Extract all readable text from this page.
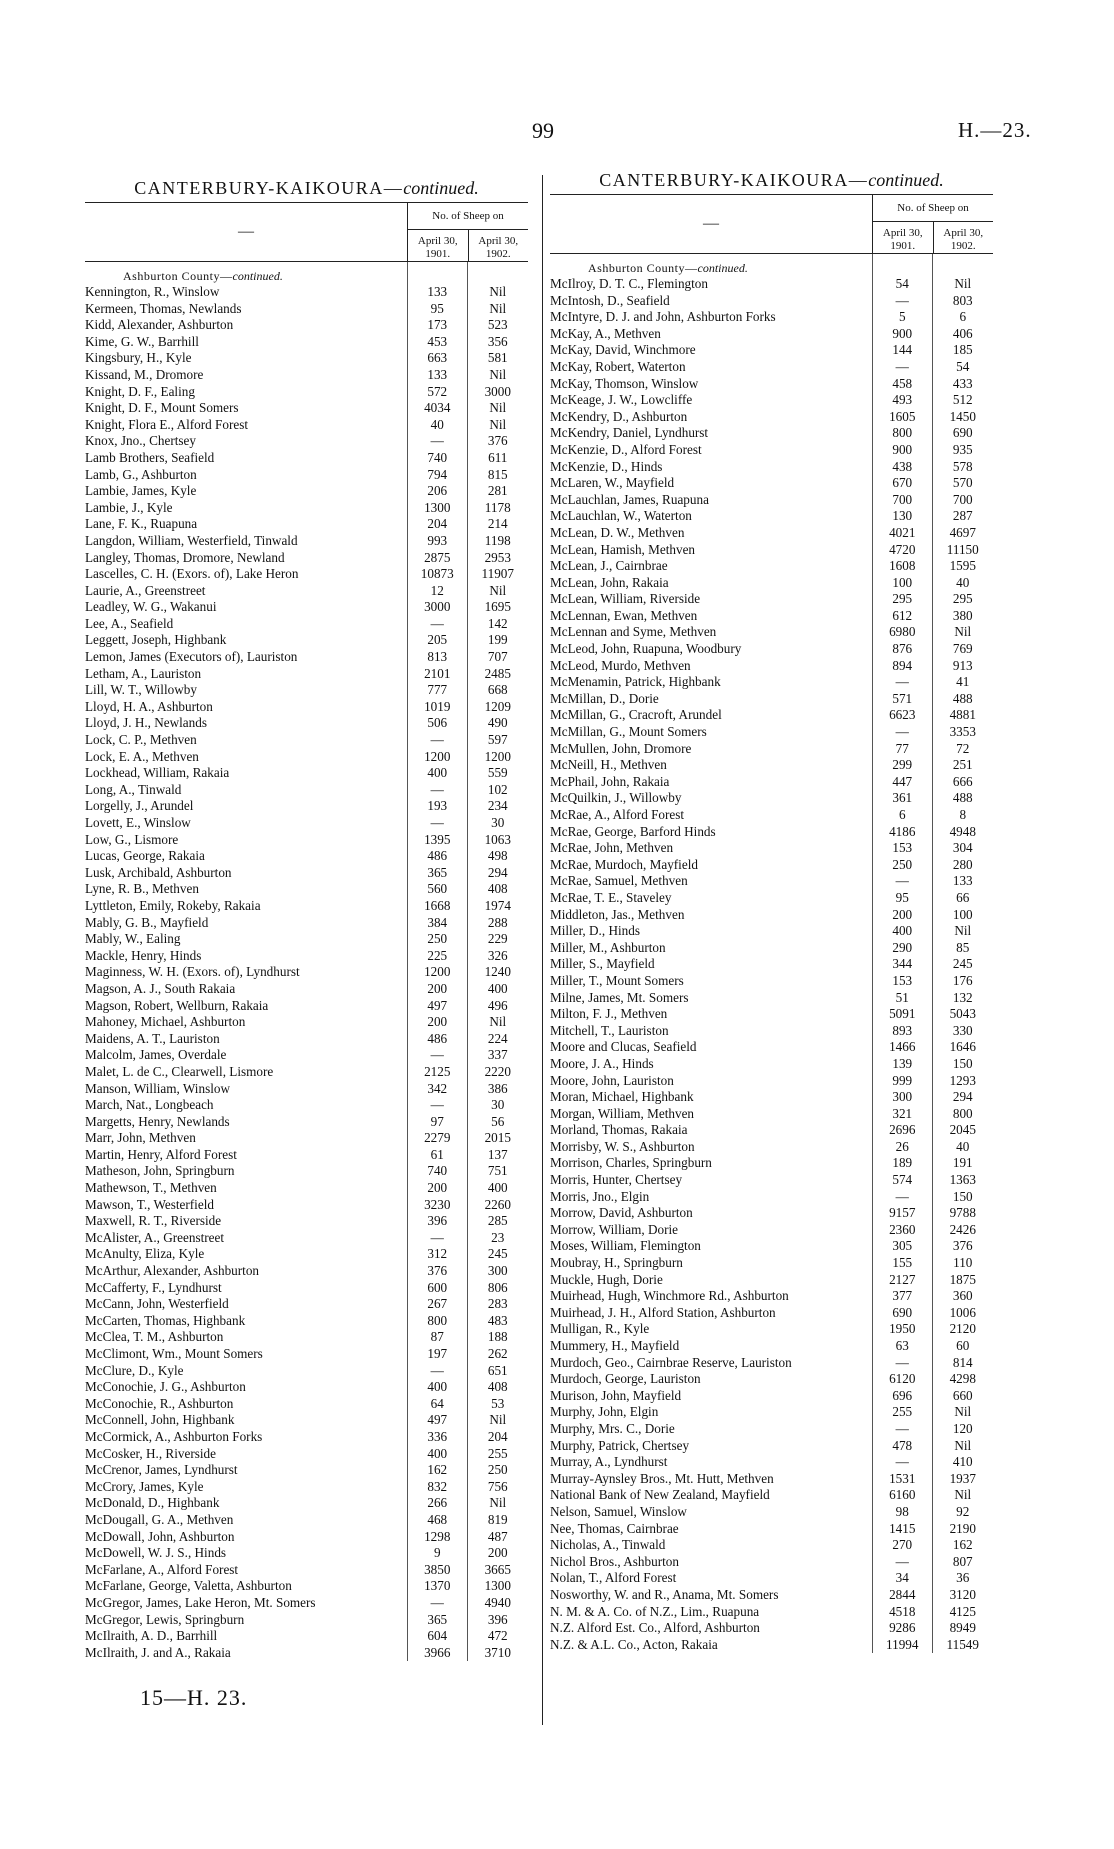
99	H.—23.
CANTERBURY-KAIKOURA—continued.
—
No. of Sheep on
April 30,
1901.
April 30,
1902.
Ashburton County—continued.
Kennington, R., Winslow	133	Nil
Kermeen, Thomas, Newlands	95	Nil
Kidd, Alexander, Ashburton	173	523
Kime, G. W., Barrhill	453	356
Kingsbury, H., Kyle	663	581
Kissand, M., Dromore	133	Nil
Knight, D. F., Ealing	572	3000
Knight, D. F., Mount Somers	4034	Nil
Knight, Flora E., Alford Forest	40	Nil
Knox, Jno., Chertsey	—	376
Lamb Brothers, Seafield	740	611
Lamb, G., Ashburton	794	815
Lambie, James, Kyle	206	281
Lambie, J., Kyle	1300	1178
Lane, F. K., Ruapuna	204	214
Langdon, William, Westerfield, Tinwald	993	1198
Langley, Thomas, Dromore, Newland	2875	2953
Lascelles, C. H. (Exors. of), Lake Heron	10873	11907
Laurie, A., Greenstreet	12	Nil
Leadley, W. G., Wakanui	3000	1695
Lee, A., Seafield	—	142
Leggett, Joseph, Highbank	205	199
Lemon, James (Executors of), Lauriston	813	707
Letham, A., Lauriston	2101	2485
Lill, W. T., Willowby	777	668
Lloyd, H. A., Ashburton	1019	1209
Lloyd, J. H., Newlands	506	490
Lock, C. P., Methven	—	597
Lock, E. A., Methven	1200	1200
Lockhead, William, Rakaia	400	559
Long, A., Tinwald	—	102
Lorgelly, J., Arundel	193	234
Lovett, E., Winslow	—	30
Low, G., Lismore	1395	1063
Lucas, George, Rakaia	486	498
Lusk, Archibald, Ashburton	365	294
Lyne, R. B., Methven	560	408
Lyttleton, Emily, Rokeby, Rakaia	1668	1974
Mably, G. B., Mayfield	384	288
Mably, W., Ealing	250	229
Mackle, Henry, Hinds	225	326
Maginness, W. H. (Exors. of), Lyndhurst	1200	1240
Magson, A. J., South Rakaia	200	400
Magson, Robert, Wellburn, Rakaia	497	496
Mahoney, Michael, Ashburton	200	Nil
Maidens, A. T., Lauriston	486	224
Malcolm, James, Overdale	—	337
Malet, L. de C., Clearwell, Lismore	2125	2220
Manson, William, Winslow	342	386
March, Nat., Longbeach	—	30
Margetts, Henry, Newlands	97	56
Marr, John, Methven	2279	2015
Martin, Henry, Alford Forest	61	137
Matheson, John, Springburn	740	751
Mathewson, T., Methven	200	400
Mawson, T., Westerfield	3230	2260
Maxwell, R. T., Riverside	396	285
McAlister, A., Greenstreet	—	23
McAnulty, Eliza, Kyle	312	245
McArthur, Alexander, Ashburton	376	300
McCafferty, F., Lyndhurst	600	806
McCann, John, Westerfield	267	283
McCarten, Thomas, Highbank	800	483
McClea, T. M., Ashburton	87	188
McClimont, Wm., Mount Somers	197	262
McClure, D., Kyle	—	651
McConochie, J. G., Ashburton	400	408
McConochie, R., Ashburton	64	53
McConnell, John, Highbank	497	Nil
McCormick, A., Ashburton Forks	336	204
McCosker, H., Riverside	400	255
McCrenor, James, Lyndhurst	162	250
McCrory, James, Kyle	832	756
McDonald, D., Highbank	266	Nil
McDougall, G. A., Methven	468	819
McDowall, John, Ashburton	1298	487
McDowell, W. J. S., Hinds	9	200
McFarlane, A., Alford Forest	3850	3665
McFarlane, George, Valetta, Ashburton	1370	1300
McGregor, James, Lake Heron, Mt. Somers	—	4940
McGregor, Lewis, Springburn	365	396
McIlraith, A. D., Barrhill	604	472
McIlraith, J. and A., Rakaia	3966	3710
CANTERBURY-KAIKOURA—continued.
—
No. of Sheep on
April 30,
1901.
April 30,
1902.
Ashburton County—continued.
McIlroy, D. T. C., Flemington	54	Nil
McIntosh, D., Seafield	—	803
McIntyre, D. J. and John, Ashburton Forks	5	6
McKay, A., Methven	900	406
McKay, David, Winchmore	144	185
McKay, Robert, Waterton	—	54
McKay, Thomson, Winslow	458	433
McKeage, J. W., Lowcliffe	493	512
McKendry, D., Ashburton	1605	1450
McKendry, Daniel, Lyndhurst	800	690
McKenzie, D., Alford Forest	900	935
McKenzie, D., Hinds	438	578
McLaren, W., Mayfield	670	570
McLauchlan, James, Ruapuna	700	700
McLauchlan, W., Waterton	130	287
McLean, D. W., Methven	4021	4697
McLean, Hamish, Methven	4720	11150
McLean, J., Cairnbrae	1608	1595
McLean, John, Rakaia	100	40
McLean, William, Riverside	295	295
McLennan, Ewan, Methven	612	380
McLennan and Syme, Methven	6980	Nil
McLeod, John, Ruapuna, Woodbury	876	769
McLeod, Murdo, Methven	894	913
McMenamin, Patrick, Highbank	—	41
McMillan, D., Dorie	571	488
McMillan, G., Cracroft, Arundel	6623	4881
McMillan, G., Mount Somers	—	3353
McMullen, John, Dromore	77	72
McNeill, H., Methven	299	251
McPhail, John, Rakaia	447	666
McQuilkin, J., Willowby	361	488
McRae, A., Alford Forest	6	8
McRae, George, Barford Hinds	4186	4948
McRae, John, Methven	153	304
McRae, Murdoch, Mayfield	250	280
McRae, Samuel, Methven	—	133
McRae, T. E., Staveley	95	66
Middleton, Jas., Methven	200	100
Miller, D., Hinds	400	Nil
Miller, M., Ashburton	290	85
Miller, S., Mayfield	344	245
Miller, T., Mount Somers	153	176
Milne, James, Mt. Somers	51	132
Milton, F. J., Methven	5091	5043
Mitchell, T., Lauriston	893	330
Moore and Clucas, Seafield	1466	1646
Moore, J. A., Hinds	139	150
Moore, John, Lauriston	999	1293
Moran, Michael, Highbank	300	294
Morgan, William, Methven	321	800
Morland, Thomas, Rakaia	2696	2045
Morrisby, W. S., Ashburton	26	40
Morrison, Charles, Springburn	189	191
Morris, Hunter, Chertsey	574	1363
Morris, Jno., Elgin	—	150
Morrow, David, Ashburton	9157	9788
Morrow, William, Dorie	2360	2426
Moses, William, Flemington	305	376
Moubray, H., Springburn	155	110
Muckle, Hugh, Dorie	2127	1875
Muirhead, Hugh, Winchmore Rd., Ashburton	377	360
Muirhead, J. H., Alford Station, Ashburton	690	1006
Mulligan, R., Kyle	1950	2120
Mummery, H., Mayfield	63	60
Murdoch, Geo., Cairnbrae Reserve, Lauriston	—	814
Murdoch, George, Lauriston	6120	4298
Murison, John, Mayfield	696	660
Murphy, John, Elgin	255	Nil
Murphy, Mrs. C., Dorie	—	120
Murphy, Patrick, Chertsey	478	Nil
Murray, A., Lyndhurst	—	410
Murray-Aynsley Bros., Mt. Hutt, Methven	1531	1937
National Bank of New Zealand, Mayfield	6160	Nil
Nelson, Samuel, Winslow	98	92
Nee, Thomas, Cairnbrae	1415	2190
Nicholas, A., Tinwald	270	162
Nichol Bros., Ashburton	—	807
Nolan, T., Alford Forest	34	36
Nosworthy, W. and R., Anama, Mt. Somers	2844	3120
N. M. & A. Co. of N.Z., Lim., Ruapuna	4518	4125
N.Z. Alford Est. Co., Alford, Ashburton	9286	8949
N.Z. & A.L. Co., Acton, Rakaia	11994	11549
15—H. 23.
